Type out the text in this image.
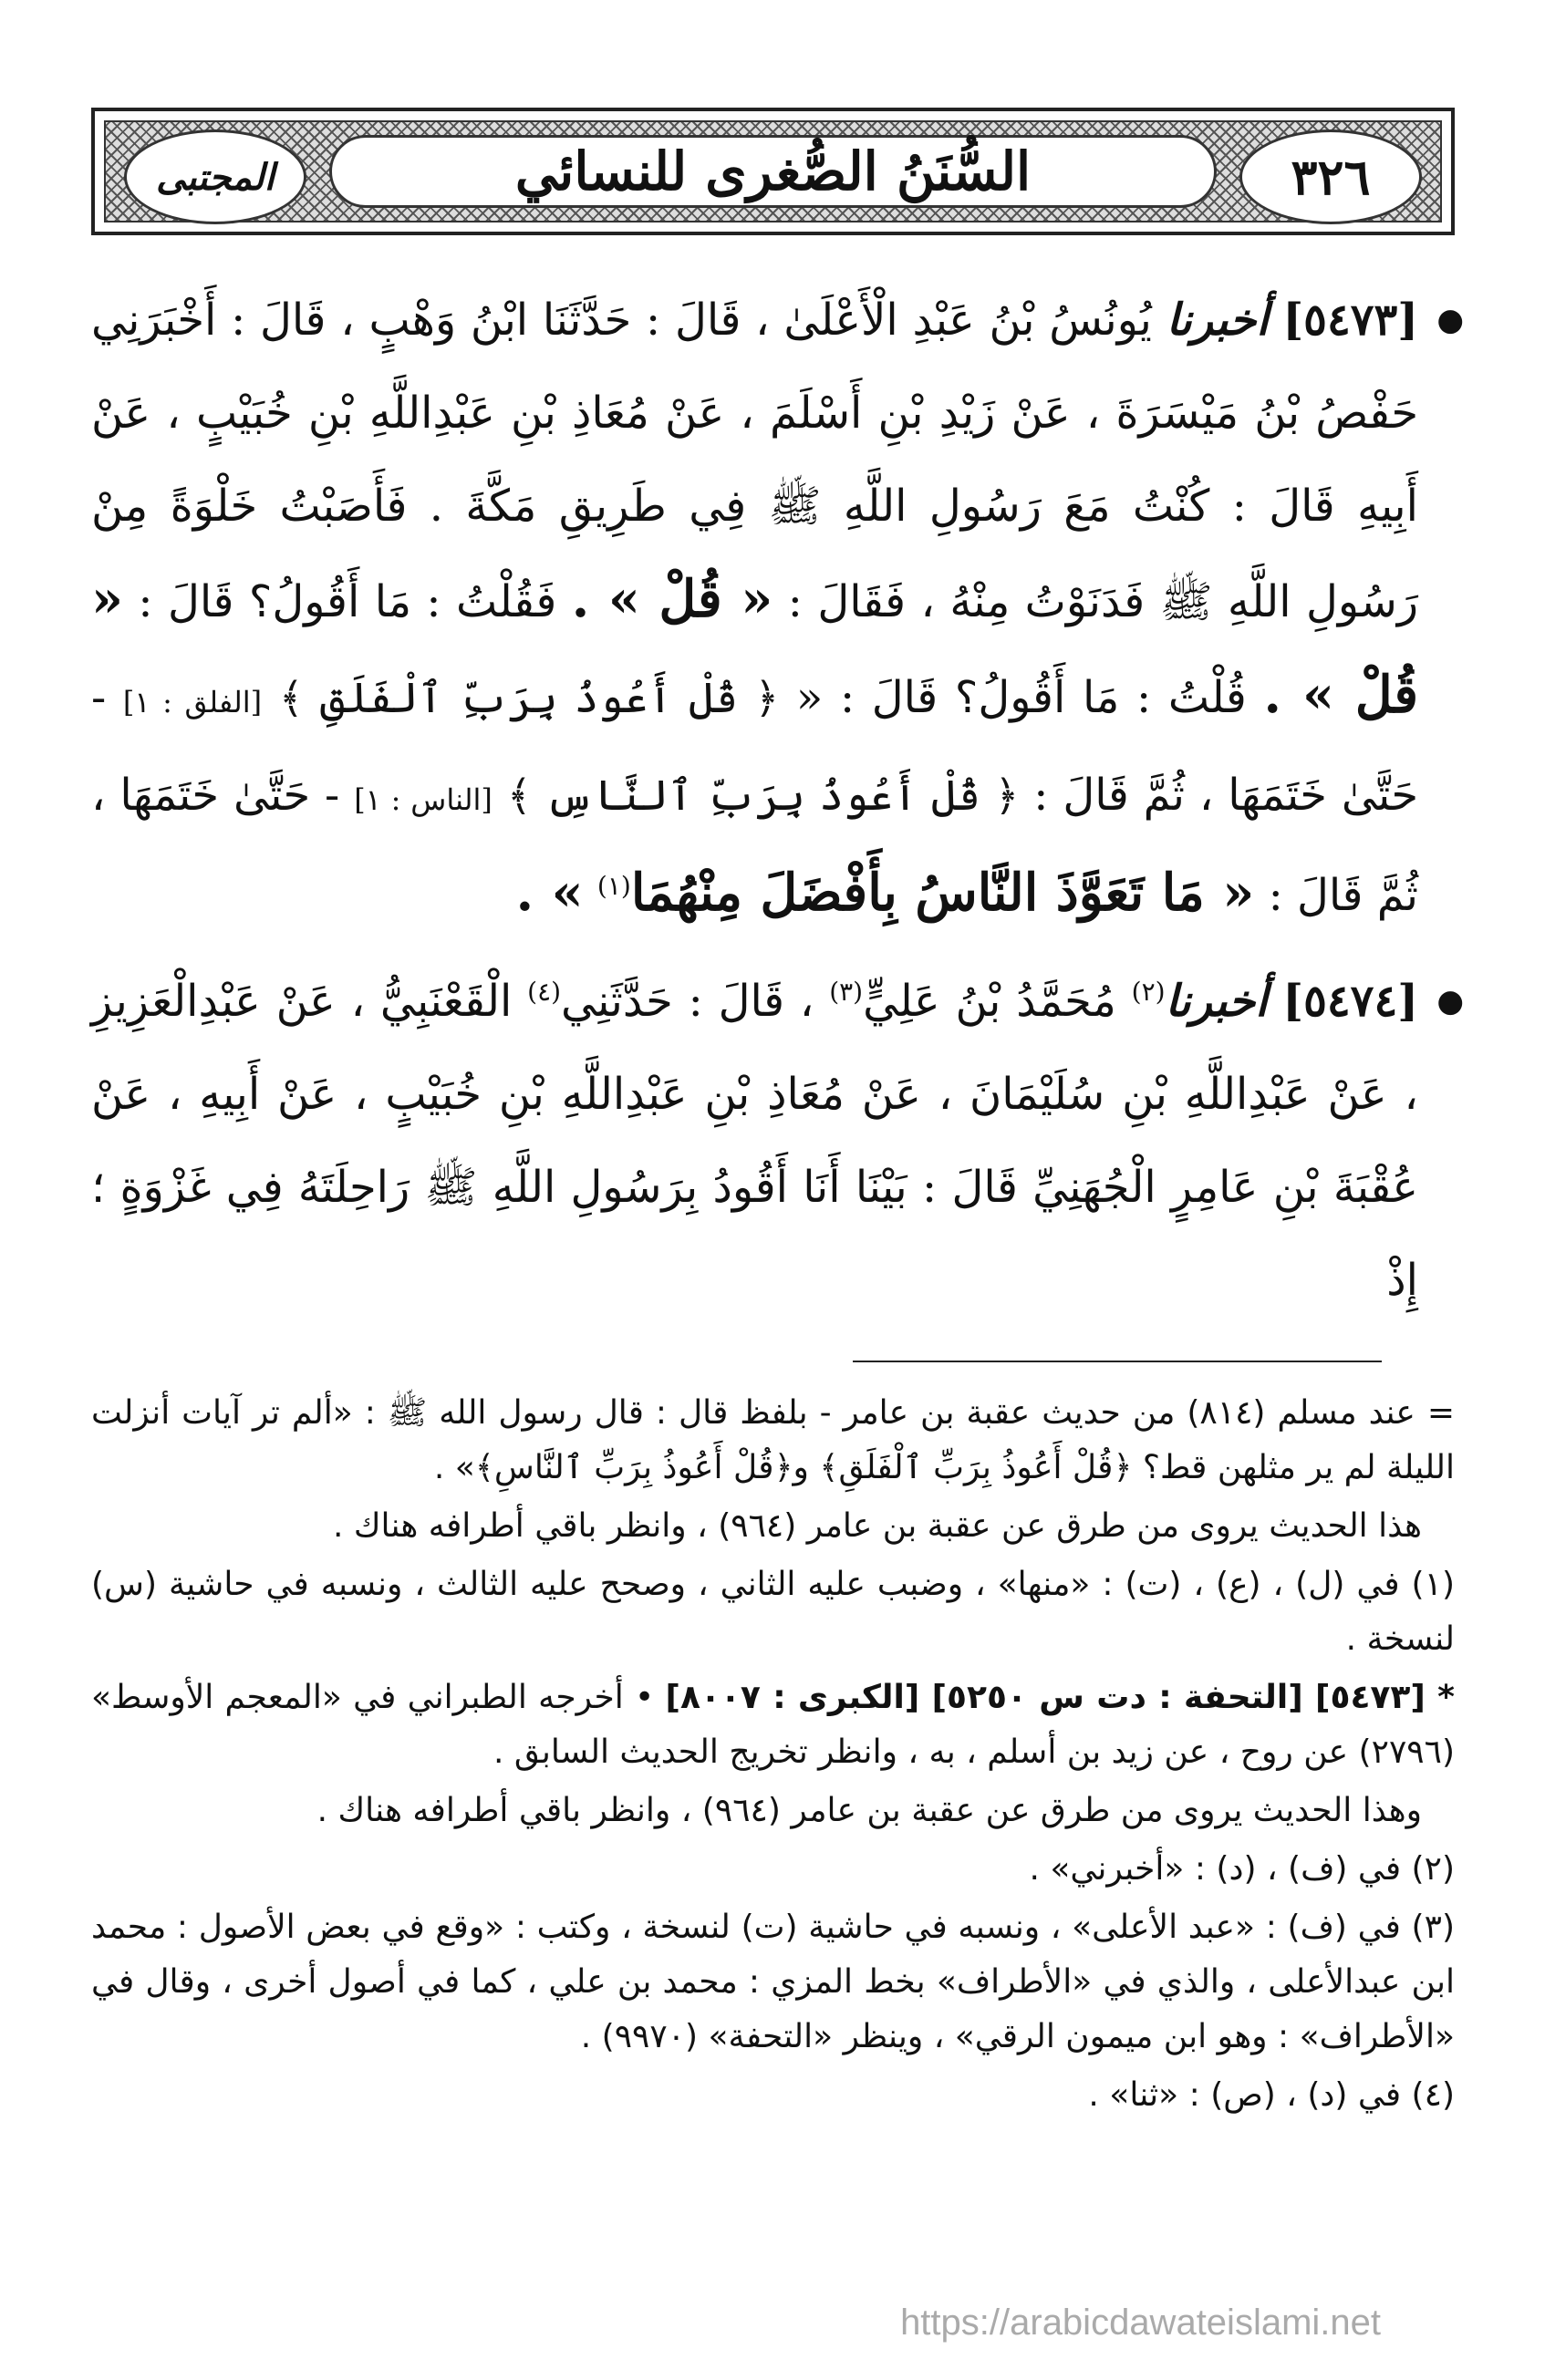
٣٢٦
السُّنَنُ الصُّغرى للنسائي
المجتبى

●
[٥٤٧٣] أخبرنا يُونُسُ بْنُ عَبْدِ الْأَعْلَىٰ ، قَالَ : حَدَّثَنَا ابْنُ وَهْبٍ ، قَالَ : أَخْبَرَنِي حَفْصُ بْنُ مَيْسَرَةَ ، عَنْ زَيْدِ بْنِ أَسْلَمَ ، عَنْ مُعَاذِ بْنِ عَبْدِاللَّهِ بْنِ خُبَيْبٍ ، عَنْ أَبِيهِ قَالَ : كُنْتُ مَعَ رَسُولِ اللَّهِ ﷺ فِي طَرِيقِ مَكَّةَ . فَأَصَبْتُ خَلْوَةً مِنْ رَسُولِ اللَّهِ ﷺ فَدَنَوْتُ مِنْهُ ، فَقَالَ : « قُلْ » . فَقُلْتُ : مَا أَقُولُ؟ قَالَ : « قُلْ » . قُلْتُ : مَا أَقُولُ؟ قَالَ : « ﴿ قُلْ أَعُوذُ بِرَبِّ ٱلْفَلَقِ ﴾ [الفلق : ١] - حَتَّىٰ خَتَمَهَا ، ثُمَّ قَالَ : ﴿ قُلْ أَعُوذُ بِرَبِّ ٱلنَّاسِ ﴾ [الناس : ١] - حَتَّىٰ خَتَمَهَا ، ثُمَّ قَالَ : « مَا تَعَوَّذَ النَّاسُ بِأَفْضَلَ مِنْهُمَا$^{(١)}$ » .

●
[٥٤٧٤] أخبرنا$^{(٢)}$ مُحَمَّدُ بْنُ عَلِيٍّ$^{(٣)}$ ، قَالَ : حَدَّثَنِي$^{(٤)}$ الْقَعْنَبِيُّ ، عَنْ عَبْدِالْعَزِيزِ ، عَنْ عَبْدِاللَّهِ بْنِ سُلَيْمَانَ ، عَنْ مُعَاذِ بْنِ عَبْدِاللَّهِ بْنِ خُبَيْبٍ ، عَنْ أَبِيهِ ، عَنْ عُقْبَةَ بْنِ عَامِرٍ الْجُهَنِيِّ قَالَ : بَيْنَا أَنَا أَقُودُ بِرَسُولِ اللَّهِ ﷺ رَاحِلَتَهُ فِي غَزْوَةٍ ؛ إِذْ

= عند مسلم (٨١٤) من حديث عقبة بن عامر - بلفظ قال : قال رسول الله ﷺ : «ألم تر آيات أنزلت الليلة لم ير مثلهن قط؟ ﴿قُلْ أَعُوذُ بِرَبِّ ٱلْفَلَقِ﴾ و﴿قُلْ أَعُوذُ بِرَبِّ ٱلنَّاسِ﴾» .

هذا الحديث يروى من طرق عن عقبة بن عامر (٩٦٤) ، وانظر باقي أطرافه هناك .

(١) في (ل) ، (ع) ، (ت) : «منها» ، وضبب عليه الثاني ، وصحح عليه الثالث ، ونسبه في حاشية (س) لنسخة .

* [٥٤٧٣] [التحفة : دت س ٥٢٥٠] [الكبرى : ٨٠٠٧] • أخرجه الطبراني في «المعجم الأوسط» (٢٧٩٦) عن روح ، عن زيد بن أسلم ، به ، وانظر تخريج الحديث السابق .

وهذا الحديث يروى من طرق عن عقبة بن عامر (٩٦٤) ، وانظر باقي أطرافه هناك .

(٢) في (ف) ، (د) : «أخبرني» .

(٣) في (ف) : «عبد الأعلى» ، ونسبه في حاشية (ت) لنسخة ، وكتب : «وقع في بعض الأصول : محمد ابن عبدالأعلى ، والذي في «الأطراف» بخط المزي : محمد بن علي ، كما في أصول أخرى ، وقال في «الأطراف» : وهو ابن ميمون الرقي» ، وينظر «التحفة» (٩٩٧٠) .

(٤) في (د) ، (ص) : «ثنا» .

https://arabicdawateislami.net
